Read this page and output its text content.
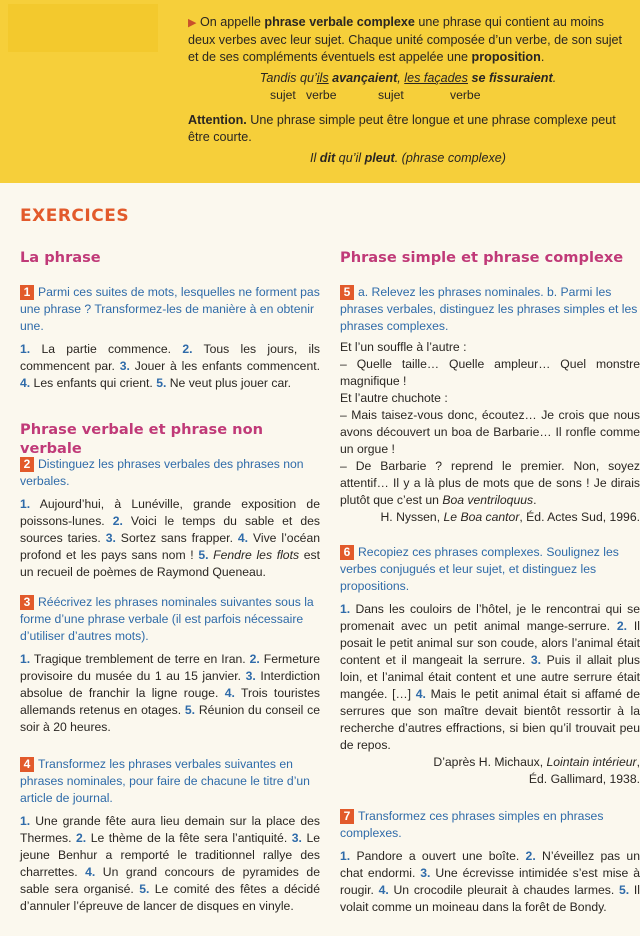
▶ On appelle phrase verbale complexe une phrase qui contient au moins deux verbes avec leur sujet. Chaque unité composée d’un verbe, de son sujet et de ses compléments éventuels est appelée une proposition.

Tandis qu’ils avançaient, les façades se fissuraient.

sujet verbe	sujet	verbe

Attention. Une phrase simple peut être longue et une phrase complexe peut être courte.

Il dit qu’il pleut. (phrase complexe)

EXERCICES

La phrase

1 Parmi ces suites de mots, lesquelles ne forment pas une phrase ? Transformez-les de manière à en obtenir une.

1. La partie commence. 2. Tous les jours, ils commencent par. 3. Jouer à les enfants commencent. 4. Les enfants qui crient. 5. Ne veut plus jouer car.

Phrase verbale et phrase non verbale

2 Distinguez les phrases verbales des phrases non verbales.

1. Aujourd’hui, à Lunéville, grande exposition de poissons-lunes. 2. Voici le temps du sable et des sources taries. 3. Sortez sans frapper. 4. Vive l’océan profond et les pays sans nom ! 5. Fendre les flots est un recueil de poèmes de Raymond Queneau.

3 Réécrivez les phrases nominales suivantes sous la forme d’une phrase verbale (il est parfois nécessaire d’utiliser d’autres mots).

1. Tragique tremblement de terre en Iran. 2. Fermeture provisoire du musée du 1 au 15 janvier. 3. Interdiction absolue de franchir la ligne rouge. 4. Trois touristes allemands retenus en otages. 5. Réunion du conseil ce soir à 20 heures.

4 Transformez les phrases verbales suivantes en phrases nominales, pour faire de chacune le titre d’un article de journal.

1. Une grande fête aura lieu demain sur la place des Thermes. 2. Le thème de la fête sera l’antiquité. 3. Le jeune Benhur a remporté le traditionnel rallye des charrettes. 4. Un grand concours de pyramides de sable sera organisé. 5. Le comité des fêtes a décidé d’annuler l’épreuve de lancer de disques en vinyle.

Phrase simple et phrase complexe

5 a. Relevez les phrases nominales. b. Parmi les phrases verbales, distinguez les phrases simples et les phrases complexes.

Et l’un souffle à l’autre :

– Quelle taille… Quelle ampleur… Quel monstre magnifique !

Et l’autre chuchote :

– Mais taisez-vous donc, écoutez… Je crois que nous avons découvert un boa de Barbarie… Il ronfle comme un orgue !

– De Barbarie ? reprend le premier. Non, soyez attentif… Il y a là plus de mots que de sons ! Je dirais plutôt que c’est un Boa ventriloquus.

H. Nyssen, Le Boa cantor, Éd. Actes Sud, 1996.

6 Recopiez ces phrases complexes. Soulignez les verbes conjugués et leur sujet, et distinguez les propositions.

1. Dans les couloirs de l’hôtel, je le rencontrai qui se promenait avec un petit animal mange-serrure. 2. Il posait le petit animal sur son coude, alors l’animal était content et il mangeait la serrure. 3. Puis il allait plus loin, et l’animal était content et une autre serrure était mangée. […] 4. Mais le petit animal était si affamé de serrures que son maître devait bientôt ressortir à la recherche d’autres effractions, si bien qu’il trouvait peu de repos.

D’après H. Michaux, Lointain intérieur,

Éd. Gallimard, 1938.

7 Transformez ces phrases simples en phrases complexes.

1. Pandore a ouvert une boîte. 2. N’éveillez pas un chat endormi. 3. Une écrevisse intimidée s’est mise à rougir. 4. Un crocodile pleurait à chaudes larmes. 5. Il volait comme un moineau dans la forêt de Bondy.
